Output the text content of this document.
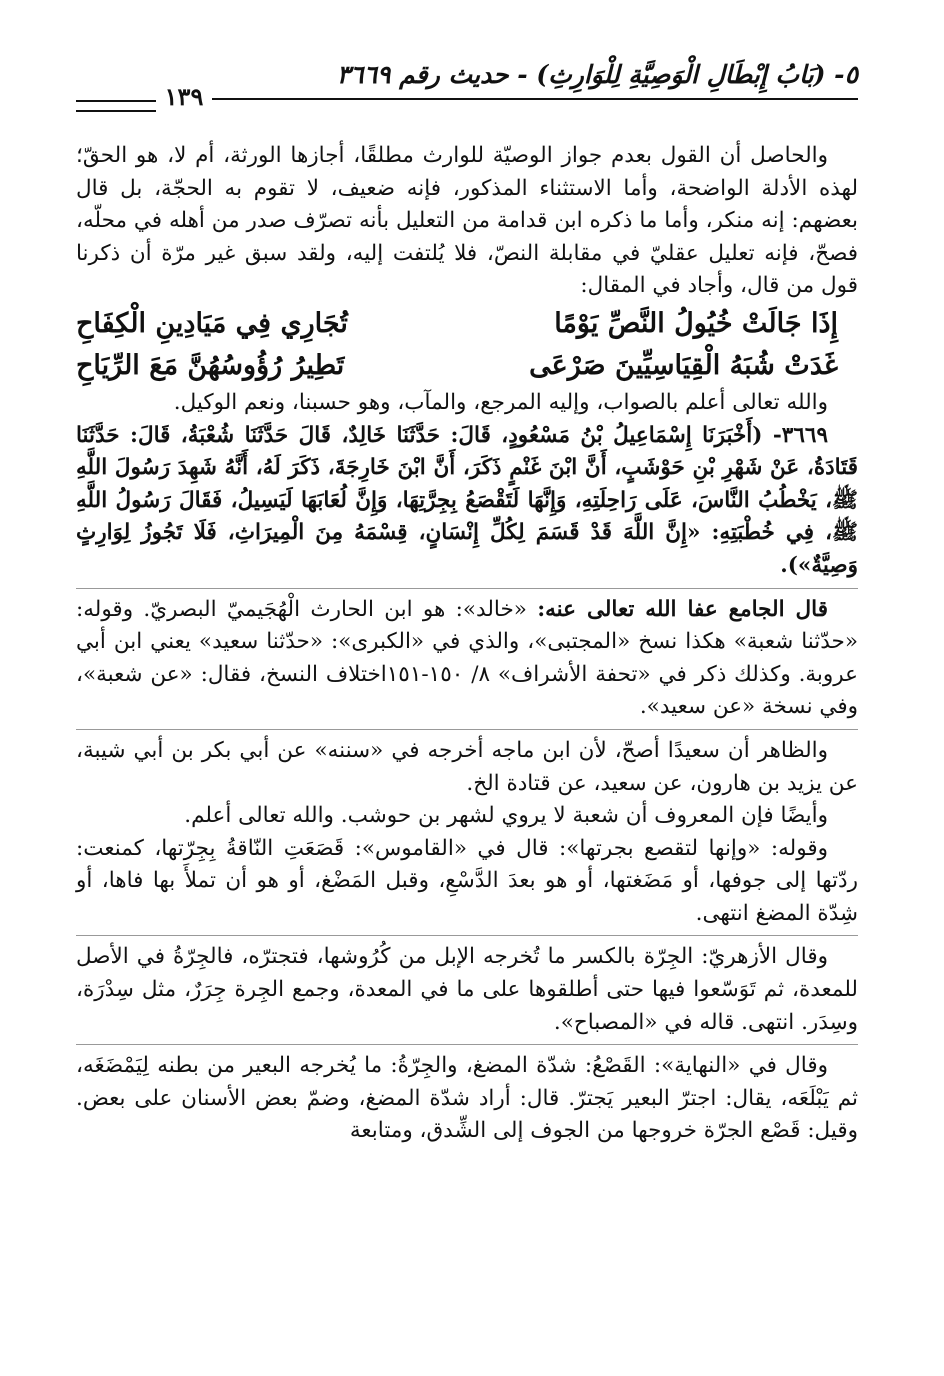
٥- (بَابُ إِبْطَالِ الْوَصِيَّةِ لِلْوَارِثِ) - حديث رقم ٣٦٦٩
١٣٩

والحاصل أن القول بعدم جواز الوصيّة للوارث مطلقًا، أجازها الورثة، أم لا، هو الحقّ؛ لهذه الأدلة الواضحة، وأما الاستثناء المذكور، فإنه ضعيف، لا تقوم به الحجّة، بل قال بعضهم: إنه منكر، وأما ما ذكره ابن قدامة من التعليل بأنه تصرّف صدر من أهله في محلّه، فصحّ، فإنه تعليل عقليّ في مقابلة النصّ، فلا يُلتفت إليه، ولقد سبق غير مرّة أن ذكرنا قول من قال، وأجاد في المقال:

إِذَا جَالَتْ خُيُولُ النَّصِّ يَوْمًا
تُجَارِي فِي مَيَادِينِ الْكِفَاحِ
غَدَتْ شُبَهُ الْقِيَاسِيِّينَ صَرْعَى
تَطِيرُ رُؤُوسُهُنَّ مَعَ الرِّيَاحِ

والله تعالى أعلم بالصواب، وإليه المرجع، والمآب، وهو حسبنا، ونعم الوكيل.

٣٦٦٩- (أَخْبَرَنَا إِسْمَاعِيلُ بْنُ مَسْعُودٍ، قَالَ: حَدَّثَنَا خَالِدٌ، قَالَ حَدَّثَنَا شُعْبَةُ، قَالَ: حَدَّثَنَا قَتَادَةُ، عَنْ شَهْرِ بْنِ حَوْشَبٍ، أَنَّ ابْنَ غَنْمٍ ذَكَرَ، أَنَّ ابْنَ خَارِجَةَ، ذَكَرَ لَهُ، أَنَّهُ شَهِدَ رَسُولَ اللَّهِ ﷺ، يَخْطُبُ النَّاسَ، عَلَى رَاحِلَتِهِ، وَإِنَّهَا لَتَقْصَعُ بِجِرَّتِهَا، وَإِنَّ لُعَابَهَا لَيَسِيلُ، فَقَالَ رَسُولُ اللَّهِ ﷺ، فِي خُطْبَتِهِ: «إِنَّ اللَّهَ قَدْ قَسَمَ لِكُلِّ إِنْسَانٍ، قِسْمَهُ مِنَ الْمِيرَاثِ، فَلَا تَجُوزُ لِوَارِثٍ وَصِيَّةٌ»).

قال الجامع عفا الله تعالى عنه: «خالد»: هو ابن الحارث الْهُجَيميّ البصريّ. وقوله: «حدّثنا شعبة» هكذا نسخ «المجتبى»، والذي في «الكبرى»: «حدّثنا سعيد» يعني ابن أبي عروبة. وكذلك ذكر في «تحفة الأشراف» ٨/ ١٥٠-١٥١اختلاف النسخ، فقال: «عن شعبة»، وفي نسخة «عن سعيد».

والظاهر أن سعيدًا أصحّ، لأن ابن ماجه أخرجه في «سننه» عن أبي بكر بن أبي شيبة، عن يزيد بن هارون، عن سعيد، عن قتادة الخ.

وأيضًا فإن المعروف أن شعبة لا يروي لشهر بن حوشب. والله تعالى أعلم.

وقوله: «وإنها لتقصع بجرتها»: قال في «القاموس»: قَصَعَتِ النّاقةُ بِجِرّتها، كمنعت: ردّتها إلى جوفها، أو مَضَغتها، أو هو بعدَ الدَّسْعِ، وقبل المَضْغ، أو هو أن تملأَ بها فاها، أو شِدّة المضغ انتهى.

وقال الأزهريّ: الجِرّة بالكسر ما تُخرجه الإبل من كُرُوشها، فتجترّه، فالجِرّةُ في الأصل للمعدة، ثم تَوَسّعوا فيها حتى أطلقوها على ما في المعدة، وجمع الجِرة جِرَرٌ، مثل سِدْرَة، وسِدَر. انتهى. قاله في «المصباح».

وقال في «النهاية»: القَصْعُ: شدّة المضغ، والجِرّةُ: ما يُخرجه البعير من بطنه لِيَمْضَغَه، ثم يَبْلَعَه، يقال: اجترّ البعير يَجترّ. قال: أراد شدّة المضغ، وضمّ بعض الأسنان على بعض. وقيل: قَصْع الجرّة خروجها من الجوف إلى الشِّدق، ومتابعة
